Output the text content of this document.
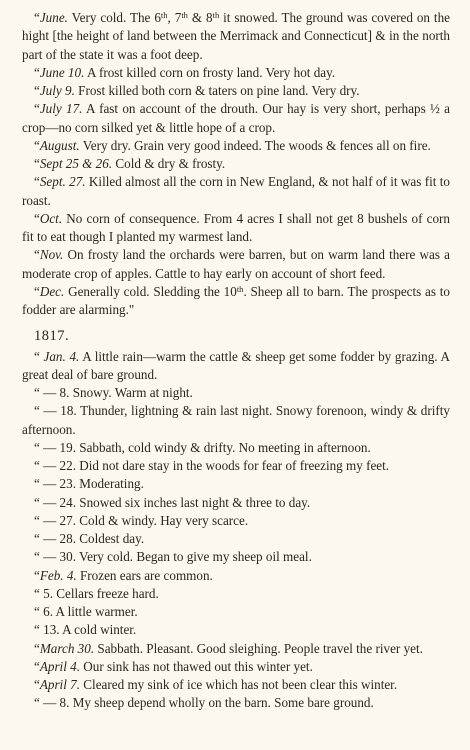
“June. Very cold. The 6th, 7th & 8th it snowed. The ground was covered on the hight [the height of land between the Merrimack and Connecticut] & in the north part of the state it was a foot deep.

“June 10. A frost killed corn on frosty land. Very hot day.

“July 9. Frost killed both corn & taters on pine land. Very dry.

“July 17. A fast on account of the drouth. Our hay is very short, perhaps ½ a crop—no corn silked yet & little hope of a crop.

“August. Very dry. Grain very good indeed. The woods & fences all on fire.

“Sept 25 & 26. Cold & dry & frosty.

“Sept. 27. Killed almost all the corn in New England, & not half of it was fit to roast.

“Oct. No corn of consequence. From 4 acres I shall not get 8 bushels of corn fit to eat though I planted my warmest land.

“Nov. On frosty land the orchards were barren, but on warm land there was a moderate crop of apples. Cattle to hay early on account of short feed.

“Dec. Generally cold. Sledding the 10th. Sheep all to barn. The prospects as to fodder are alarming."

1817.

“ Jan. 4. A little rain—warm the cattle & sheep get some fodder by grazing. A great deal of bare ground.

“ — 8. Snowy. Warm at night.

“ — 18. Thunder, lightning & rain last night. Snowy forenoon, windy & drifty afternoon.

“ — 19. Sabbath, cold windy & drifty. No meeting in afternoon.

“ — 22. Did not dare stay in the woods for fear of freezing my feet.

“ — 23. Moderating.

“ — 24. Snowed six inches last night & three to day.

“ — 27. Cold & windy. Hay very scarce.

“ — 28. Coldest day.

“ — 30. Very cold. Began to give my sheep oil meal.

“Feb. 4. Frozen ears are common.

“ 5. Cellars freeze hard.

“ 6. A little warmer.

“ 13. A cold winter.

“March 30. Sabbath. Pleasant. Good sleighing. People travel the river yet.

“April 4. Our sink has not thawed out this winter yet.

“April 7. Cleared my sink of ice which has not been clear this winter.

“ — 8. My sheep depend wholly on the barn. Some bare ground.
